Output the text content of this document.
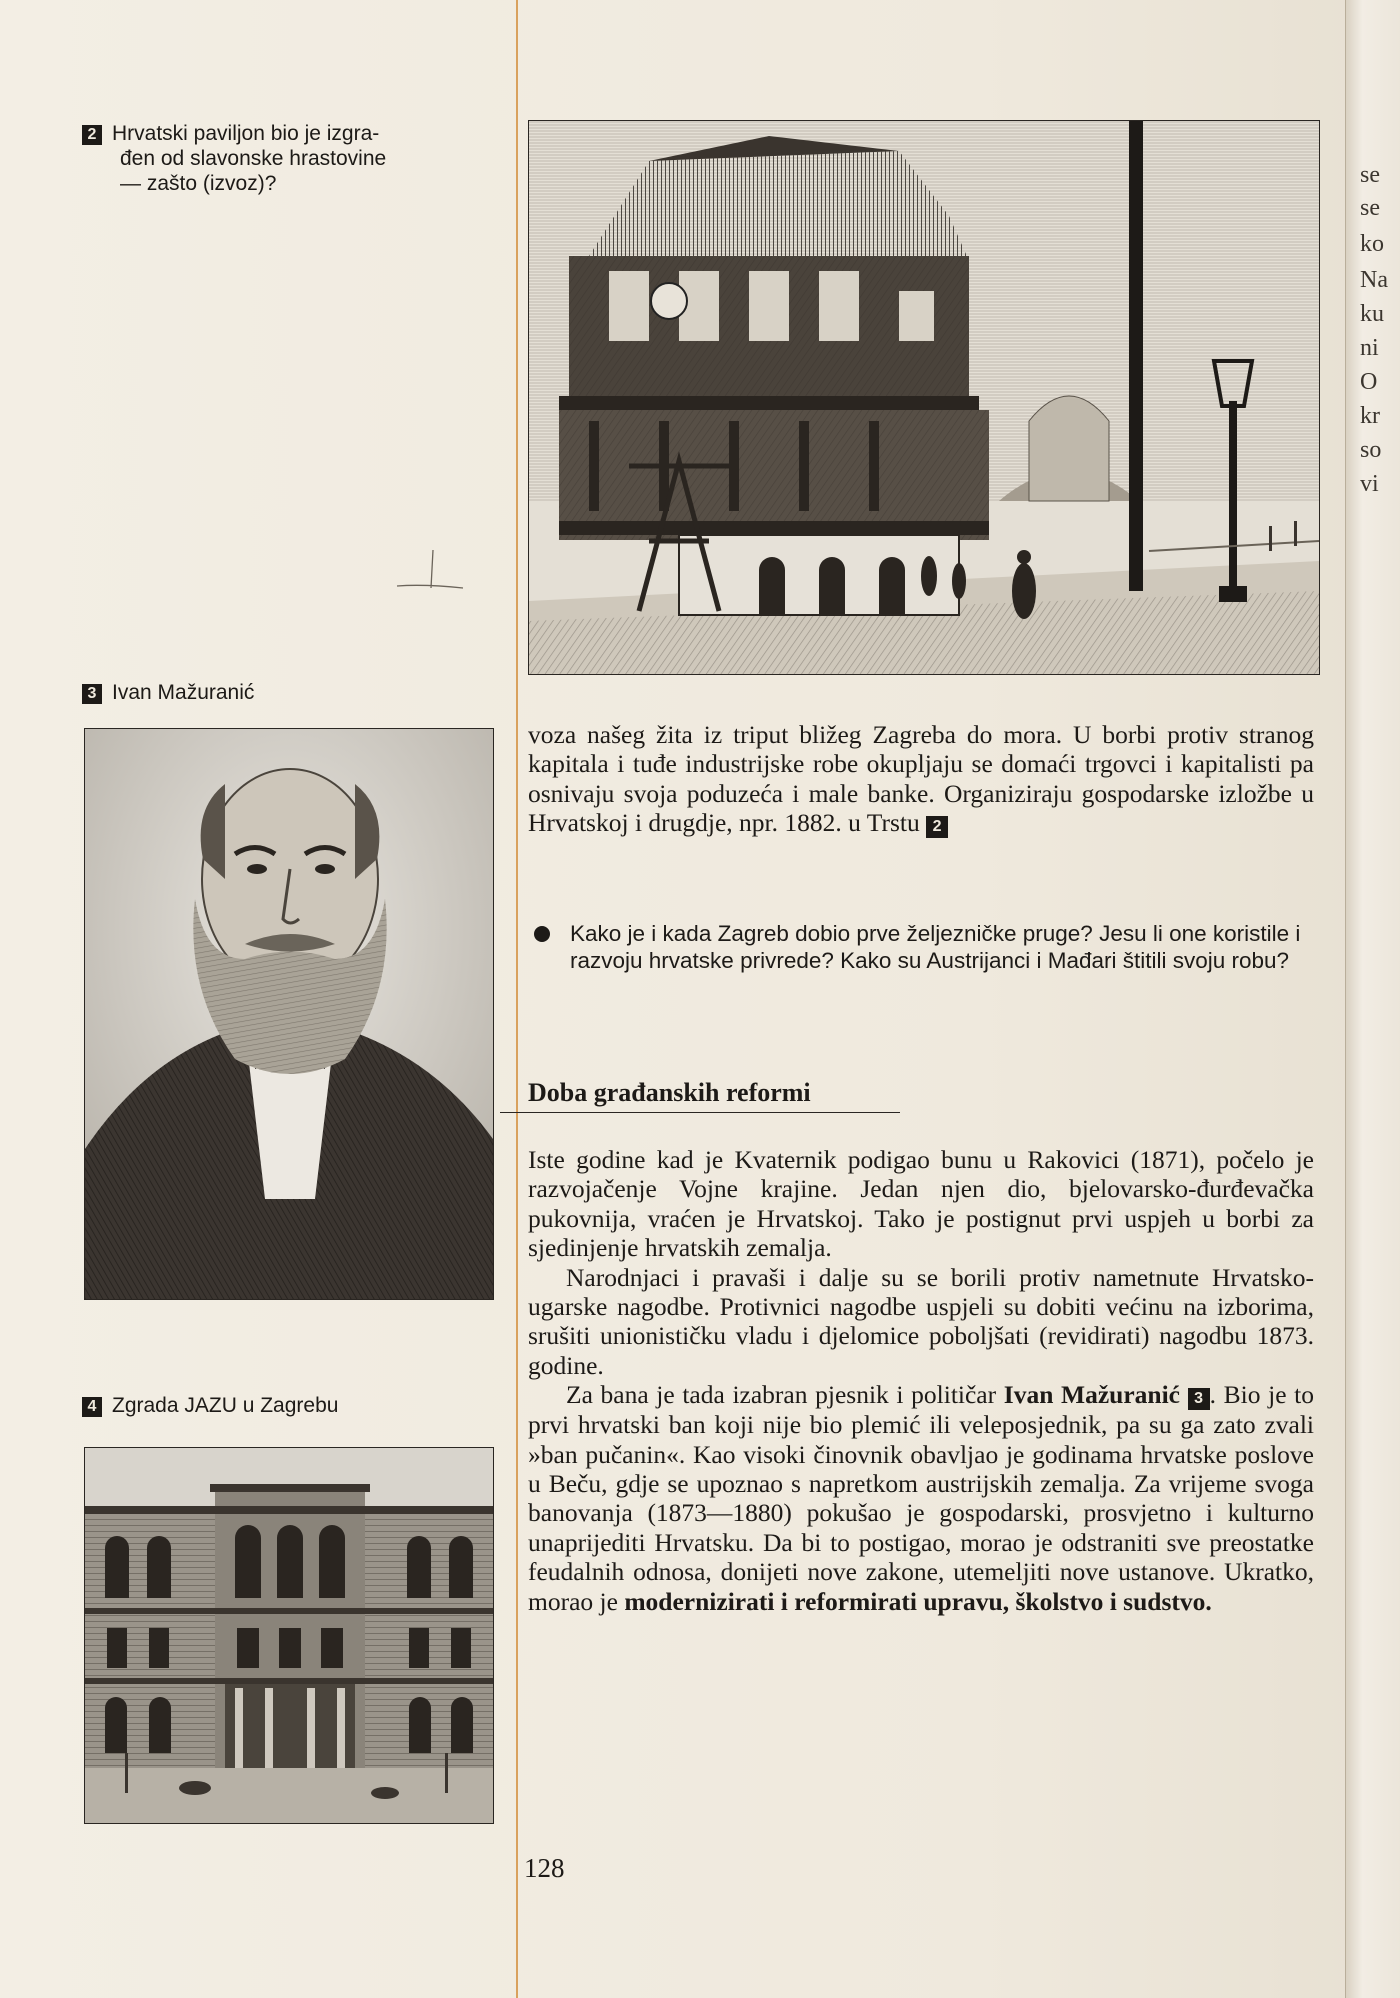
se
se
ko
Na
ku
ni
O
kr
so
vi
2 Hrvatski paviljon bio je izgra-
đen od slavonske hrastovine
— zašto (izvoz)?
3 Ivan Mažuranić
4 Zgrada JAZU u Zagrebu

voza našeg žita iz triput bližeg Zagreba do mora. U borbi protiv stranog kapitala i tuđe industrijske robe okupljaju se domaći trgovci i kapitalisti pa osnivaju svoja poduzeća i male banke. Organiziraju gospodarske izložbe u Hrvatskoj i drugdje, npr. 1882. u Trstu 2

Kako je i kada Zagreb dobio prve željezničke pruge? Jesu li one koristile i razvoju hrvatske privrede? Kako su Austrijanci i Mađari štitili svoju robu?
Doba građanskih reformi

Iste godine kad je Kvaternik podigao bunu u Rakovici (1871), počelo je razvojačenje Vojne krajine. Jedan njen dio, bjelovarsko-đurđevačka pukovnija, vraćen je Hrvatskoj. Tako je postignut prvi uspjeh u borbi za sjedinjenje hrvatskih zemalja.

Narodnjaci i pravaši i dalje su se borili protiv nametnute Hrvatsko-ugarske nagodbe. Protivnici nagodbe uspjeli su dobiti većinu na izborima, srušiti unionističku vladu i djelomice poboljšati (revidirati) nagodbu 1873. godine.

Za bana je tada izabran pjesnik i političar Ivan Mažuranić 3 . Bio je to prvi hrvatski ban koji nije bio plemić ili veleposjednik, pa su ga zato zvali »ban pučanin«. Kao visoki činovnik obavljao je godinama hrvatske poslove u Beču, gdje se upoznao s napretkom austrijskih zemalja. Za vrijeme svoga banovanja (1873—1880) pokušao je gospodarski, prosvjetno i kulturno unaprijediti Hrvatsku. Da bi to postigao, morao je odstraniti sve preostatke feudalnih odnosa, donijeti nove zakone, utemeljiti nove ustanove. Ukratko, morao je modernizirati i reformirati upravu, školstvo i sudstvo.

128
